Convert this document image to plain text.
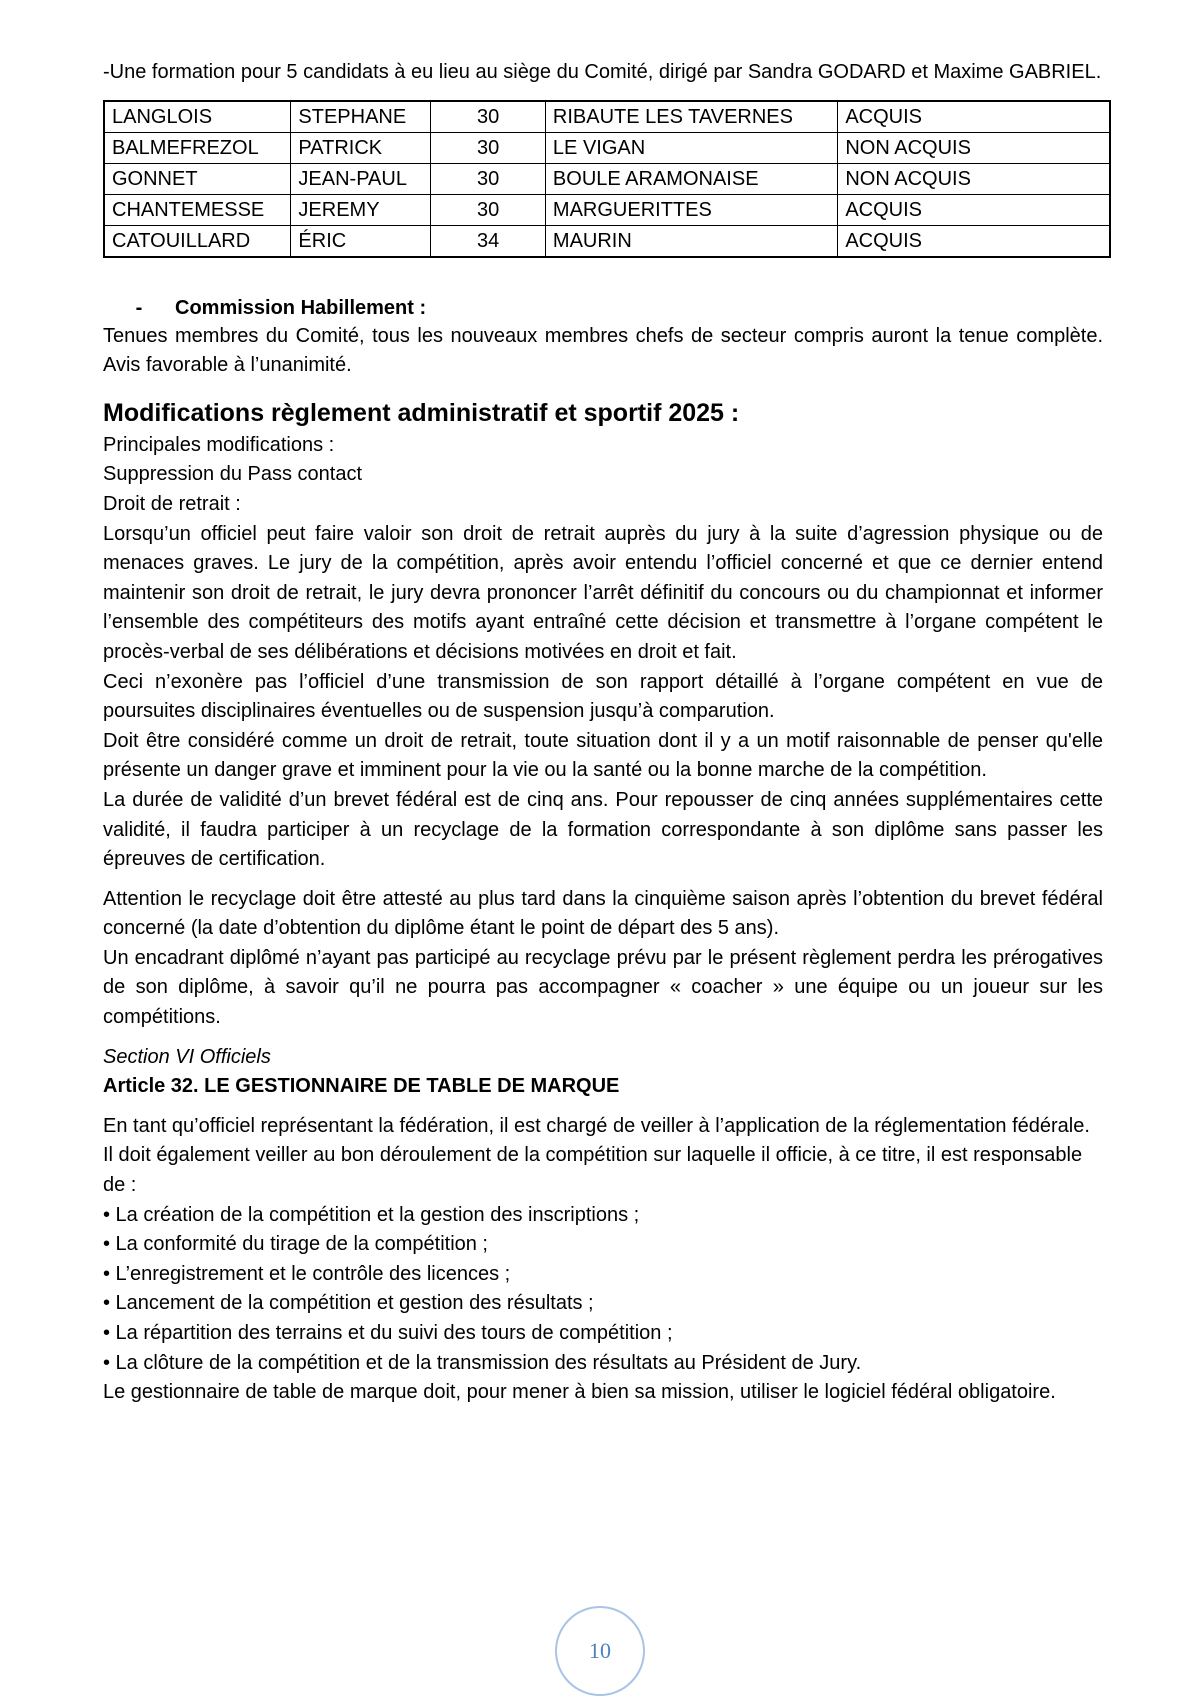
-Une formation pour 5 candidats à eu lieu au siège du Comité, dirigé par Sandra GODARD et Maxime GABRIEL.

LANGLOIS	STEPHANE	30	RIBAUTE LES TAVERNES	ACQUIS
BALMEFREZOL	PATRICK	30	LE VIGAN	NON ACQUIS
GONNET	JEAN-PAUL	30	BOULE ARAMONAISE	NON ACQUIS
CHANTEMESSE	JEREMY	30	MARGUERITTES	ACQUIS
CATOUILLARD	ÉRIC	34	MAURIN	ACQUIS
- Commission Habillement :

Tenues membres du Comité, tous les nouveaux membres chefs de secteur compris auront la tenue complète. Avis favorable à l’unanimité.

Modifications règlement administratif et sportif 2025 :

Principales modifications :

Suppression du Pass contact

Droit de retrait :

Lorsqu’un officiel peut faire valoir son droit de retrait auprès du jury à la suite d’agression physique ou de menaces graves. Le jury de la compétition, après avoir entendu l’officiel concerné et que ce dernier entend maintenir son droit de retrait, le jury devra prononcer l’arrêt définitif du concours ou du championnat et informer l’ensemble des compétiteurs des motifs ayant entraîné cette décision et transmettre à l’organe compétent le procès-verbal de ses délibérations et décisions motivées en droit et fait.

Ceci n’exonère pas l’officiel d’une transmission de son rapport détaillé à l’organe compétent en vue de poursuites disciplinaires éventuelles ou de suspension jusqu’à comparution.

Doit être considéré comme un droit de retrait, toute situation dont il y a un motif raisonnable de penser qu'elle présente un danger grave et imminent pour la vie ou la santé ou la bonne marche de la compétition.

La durée de validité d’un brevet fédéral est de cinq ans. Pour repousser de cinq années supplémentaires cette validité, il faudra participer à un recyclage de la formation correspondante à son diplôme sans passer les épreuves de certification.

Attention le recyclage doit être attesté au plus tard dans la cinquième saison après l’obtention du brevet fédéral concerné (la date d’obtention du diplôme étant le point de départ des 5 ans).

Un encadrant diplômé n’ayant pas participé au recyclage prévu par le présent règlement perdra les prérogatives de son diplôme, à savoir qu’il ne pourra pas accompagner « coacher » une équipe ou un joueur sur les compétitions.

Section VI Officiels

Article 32. LE GESTIONNAIRE DE TABLE DE MARQUE

En tant qu’officiel représentant la fédération, il est chargé de veiller à l’application de la réglementation fédérale. Il doit également veiller au bon déroulement de la compétition sur laquelle il officie, à ce titre, il est responsable de :

• La création de la compétition et la gestion des inscriptions ;

• La conformité du tirage de la compétition ;

• L’enregistrement et le contrôle des licences ;

• Lancement de la compétition et gestion des résultats ;

• La répartition des terrains et du suivi des tours de compétition ;

• La clôture de la compétition et de la transmission des résultats au Président de Jury.

Le gestionnaire de table de marque doit, pour mener à bien sa mission, utiliser le logiciel fédéral obligatoire.

10
